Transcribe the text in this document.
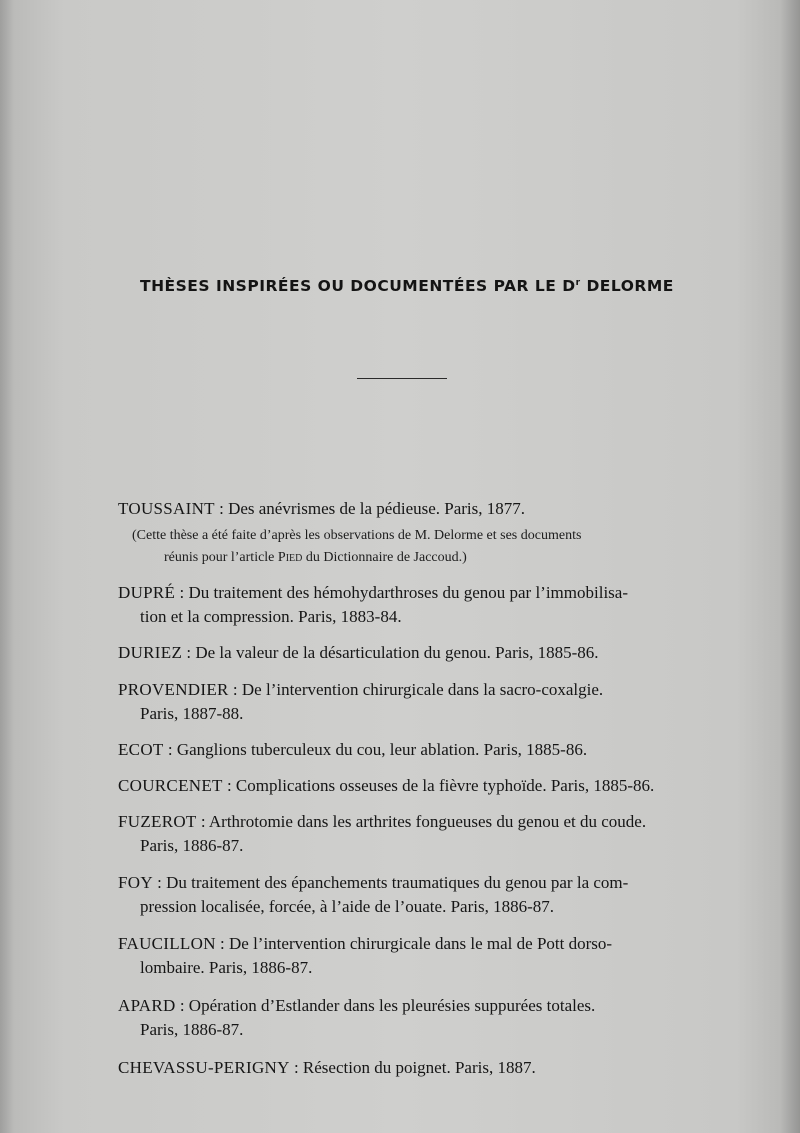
THÈSES INSPIRÉES OU DOCUMENTÉES PAR LE $D^r$ DELORME
TOUSSAINT : Des anévrismes de la pédieuse. Paris, 1877.
(Cette thèse a été faite d’après les observations de M. Delorme et ses documents
réunis pour l’article Pied du Dictionnaire de Jaccoud.)
DUPRÉ : Du traitement des hémohydarthroses du genou par l’immobilisa-
tion et la compression. Paris, 1883-84.
DURIEZ : De la valeur de la désarticulation du genou. Paris, 1885-86.
PROVENDIER : De l’intervention chirurgicale dans la sacro-coxalgie.
Paris, 1887-88.
ECOT : Ganglions tuberculeux du cou, leur ablation. Paris, 1885-86.
COURCENET : Complications osseuses de la fièvre typhoïde. Paris, 1885-86.
FUZEROT : Arthrotomie dans les arthrites fongueuses du genou et du coude.
Paris, 1886-87.
FOY : Du traitement des épanchements traumatiques du genou par la com-
pression localisée, forcée, à l’aide de l’ouate. Paris, 1886-87.
FAUCILLON : De l’intervention chirurgicale dans le mal de Pott dorso-
lombaire. Paris, 1886-87.
APARD : Opération d’Estlander dans les pleurésies suppurées totales.
Paris, 1886-87.
CHEVASSU-PERIGNY : Résection du poignet. Paris, 1887.
